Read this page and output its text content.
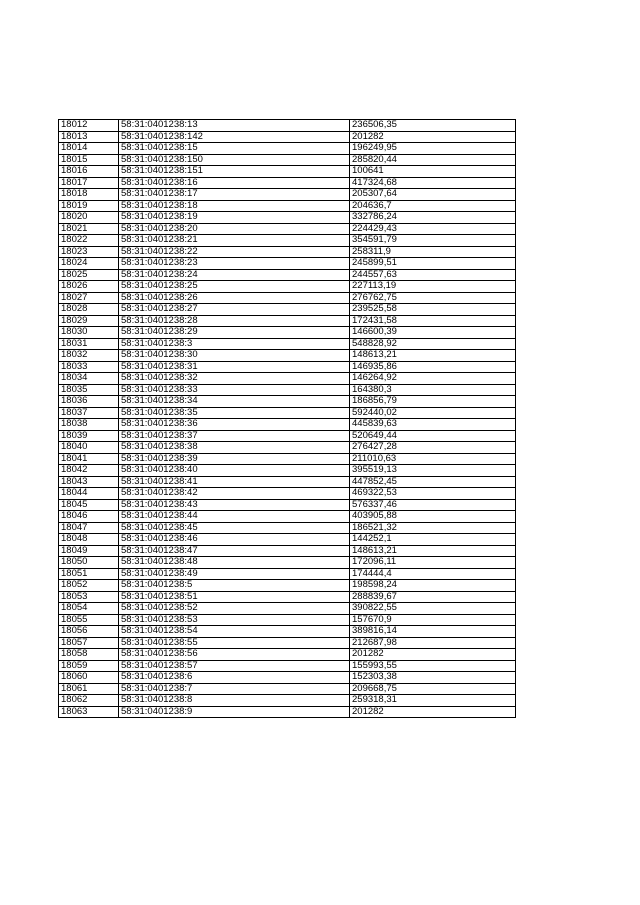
18012	58:31:0401238:13	236506,35
18013	58:31:0401238:142	201282
18014	58:31:0401238:15	196249,95
18015	58:31:0401238:150	285820,44
18016	58:31:0401238:151	100641
18017	58:31:0401238:16	417324,68
18018	58:31:0401238:17	205307,64
18019	58:31:0401238:18	204636,7
18020	58:31:0401238:19	332786,24
18021	58:31:0401238:20	224429,43
18022	58:31:0401238:21	354591,79
18023	58:31:0401238:22	258311,9
18024	58:31:0401238:23	245899,51
18025	58:31:0401238:24	244557,63
18026	58:31:0401238:25	227113,19
18027	58:31:0401238:26	276762,75
18028	58:31:0401238:27	239525,58
18029	58:31:0401238:28	172431,58
18030	58:31:0401238:29	146600,39
18031	58:31:0401238:3	548828,92
18032	58:31:0401238:30	148613,21
18033	58:31:0401238:31	146935,86
18034	58:31:0401238:32	146264,92
18035	58:31:0401238:33	164380,3
18036	58:31:0401238:34	186856,79
18037	58:31:0401238:35	592440,02
18038	58:31:0401238:36	445839,63
18039	58:31:0401238:37	520649,44
18040	58:31:0401238:38	276427,28
18041	58:31:0401238:39	211010,63
18042	58:31:0401238:40	395519,13
18043	58:31:0401238:41	447852,45
18044	58:31:0401238:42	469322,53
18045	58:31:0401238:43	576337,46
18046	58:31:0401238:44	403905,88
18047	58:31:0401238:45	186521,32
18048	58:31:0401238:46	144252,1
18049	58:31:0401238:47	148613,21
18050	58:31:0401238:48	172096,11
18051	58:31:0401238:49	174444,4
18052	58:31:0401238:5	198598,24
18053	58:31:0401238:51	288839,67
18054	58:31:0401238:52	390822,55
18055	58:31:0401238:53	157670,9
18056	58:31:0401238:54	389816,14
18057	58:31:0401238:55	212687,98
18058	58:31:0401238:56	201282
18059	58:31:0401238:57	155993,55
18060	58:31:0401238:6	152303,38
18061	58:31:0401238:7	209668,75
18062	58:31:0401238:8	259318,31
18063	58:31:0401238:9	201282
